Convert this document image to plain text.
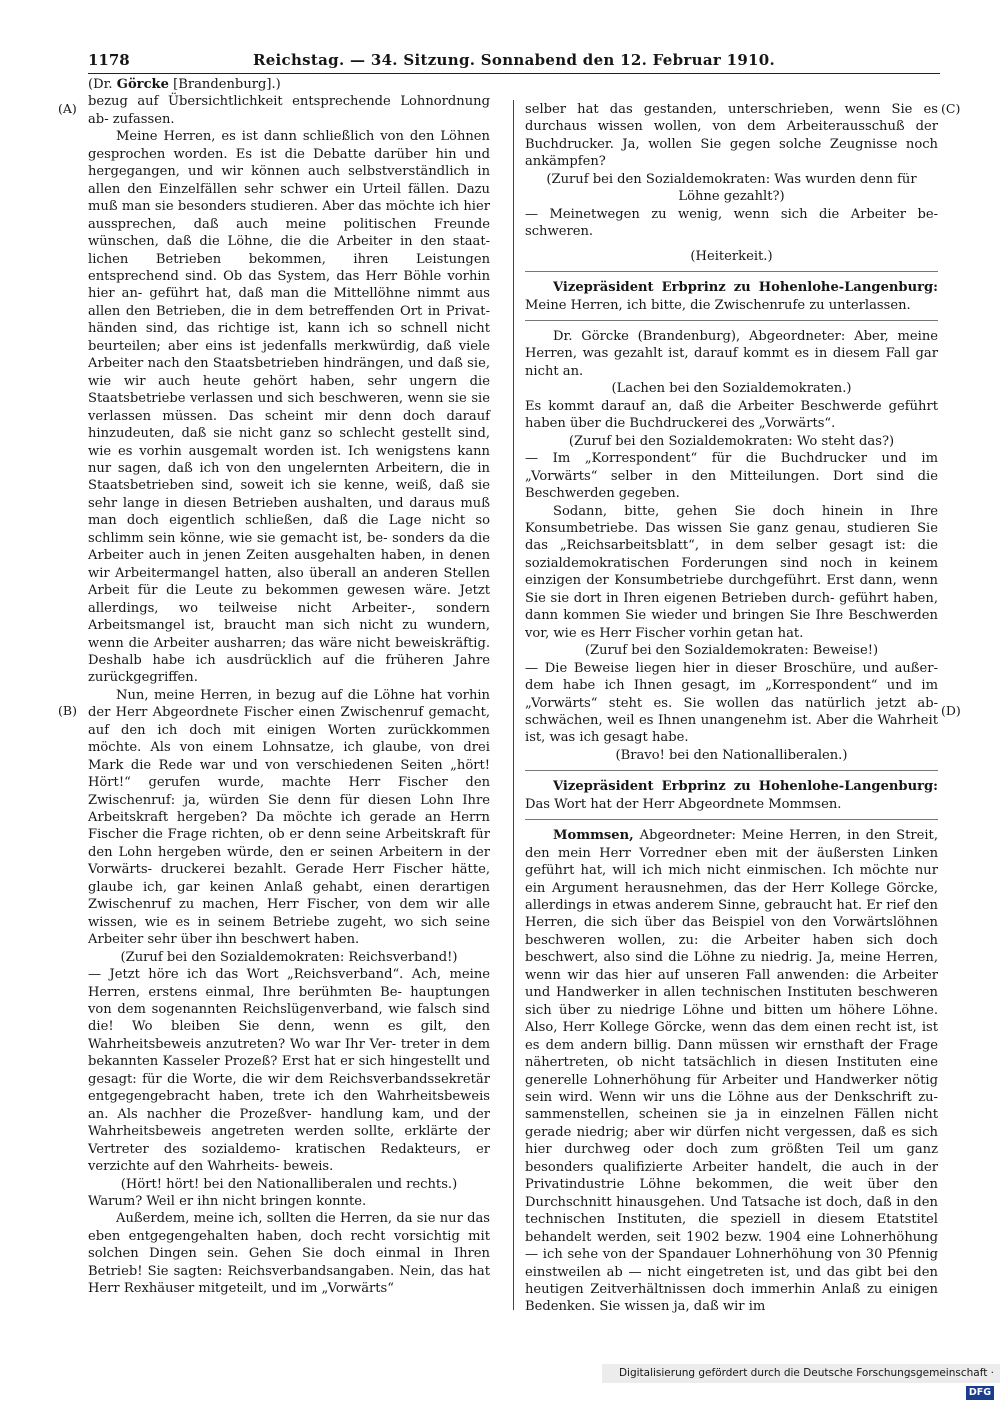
1178	Reichstag. — 34. Sitzung. Sonnabend den 12. Februar 1910.
(A)
(B)
(C)
(D)

(Dr. Görcke [Brandenburg].)

bezug auf Übersichtlichkeit entsprechende Lohnordnung ab- zufassen.

Meine Herren, es ist dann schließlich von den Löhnen gesprochen worden. Es ist die Debatte darüber hin und hergegangen, und wir können auch selbstverständlich in allen den Einzelfällen sehr schwer ein Urteil fällen. Dazu muß man sie besonders studieren. Aber das möchte ich hier aussprechen, daß auch meine politischen Freunde wünschen, daß die Löhne, die die Arbeiter in den staat- lichen Betrieben bekommen, ihren Leistungen entsprechend sind. Ob das System, das Herr Böhle vorhin hier an- geführt hat, daß man die Mittellöhne nimmt aus allen den Betrieben, die in dem betreffenden Ort in Privat- händen sind, das richtige ist, kann ich so schnell nicht beurteilen; aber eins ist jedenfalls merkwürdig, daß viele Arbeiter nach den Staatsbetrieben hindrängen, und daß sie, wie wir auch heute gehört haben, sehr ungern die Staatsbetriebe verlassen und sich beschweren, wenn sie sie verlassen müssen. Das scheint mir denn doch darauf hinzudeuten, daß sie nicht ganz so schlecht gestellt sind, wie es vorhin ausgemalt worden ist. Ich wenigstens kann nur sagen, daß ich von den ungelernten Arbeitern, die in Staatsbetrieben sind, soweit ich sie kenne, weiß, daß sie sehr lange in diesen Betrieben aushalten, und daraus muß man doch eigentlich schließen, daß die Lage nicht so schlimm sein könne, wie sie gemacht ist, be- sonders da die Arbeiter auch in jenen Zeiten ausgehalten haben, in denen wir Arbeitermangel hatten, also überall an anderen Stellen Arbeit für die Leute zu bekommen gewesen wäre. Jetzt allerdings, wo teilweise nicht Arbeiter-, sondern Arbeitsmangel ist, braucht man sich nicht zu wundern, wenn die Arbeiter ausharren; das wäre nicht beweiskräftig. Deshalb habe ich ausdrücklich auf die früheren Jahre zurückgegriffen.

Nun, meine Herren, in bezug auf die Löhne hat vorhin der Herr Abgeordnete Fischer einen Zwischenruf gemacht, auf den ich doch mit einigen Worten zurückkommen möchte. Als von einem Lohnsatze, ich glaube, von drei Mark die Rede war und von verschiedenen Seiten „hört! Hört!“ gerufen wurde, machte Herr Fischer den Zwischenruf: ja, würden Sie denn für diesen Lohn Ihre Arbeitskraft hergeben? Da möchte ich gerade an Herrn Fischer die Frage richten, ob er denn seine Arbeitskraft für den Lohn hergeben würde, den er seinen Arbeitern in der Vorwärts- druckerei bezahlt. Gerade Herr Fischer hätte, glaube ich, gar keinen Anlaß gehabt, einen derartigen Zwischenruf zu machen, Herr Fischer, von dem wir alle wissen, wie es in seinem Betriebe zugeht, wo sich seine Arbeiter sehr über ihn beschwert haben.

(Zuruf bei den Sozialdemokraten: Reichsverband!)

— Jetzt höre ich das Wort „Reichsverband“. Ach, meine Herren, erstens einmal, Ihre berühmten Be- hauptungen von dem sogenannten Reichslügenverband, wie falsch sind die! Wo bleiben Sie denn, wenn es gilt, den Wahrheitsbeweis anzutreten? Wo war Ihr Ver- treter in dem bekannten Kasseler Prozeß? Erst hat er sich hingestellt und gesagt: für die Worte, die wir dem Reichsverbandssekretär entgegengebracht haben, trete ich den Wahrheitsbeweis an. Als nachher die Prozeßver- handlung kam, und der Wahrheitsbeweis angetreten werden sollte, erklärte der Vertreter des sozialdemo- kratischen Redakteurs, er verzichte auf den Wahrheits- beweis.

(Hört! hört! bei den Nationalliberalen und rechts.)

Warum? Weil er ihn nicht bringen konnte.

Außerdem, meine ich, sollten die Herren, da sie nur das eben entgegengehalten haben, doch recht vorsichtig mit solchen Dingen sein. Gehen Sie doch einmal in Ihren Betrieb! Sie sagten: Reichsverbandsangaben. Nein, das hat Herr Rexhäuser mitgeteilt, und im „Vorwärts“

selber hat das gestanden, unterschrieben, wenn Sie es durchaus wissen wollen, von dem Arbeiterausschuß der Buchdrucker. Ja, wollen Sie gegen solche Zeugnisse noch ankämpfen?

(Zuruf bei den Sozialdemokraten: Was wurden denn für Löhne gezahlt?)

— Meinetwegen zu wenig, wenn sich die Arbeiter be- schweren.

(Heiterkeit.)

Vizepräsident Erbprinz zu Hohenlohe-Langenburg: Meine Herren, ich bitte, die Zwischenrufe zu unterlassen.

Dr. Görcke (Brandenburg), Abgeordneter: Aber, meine Herren, was gezahlt ist, darauf kommt es in diesem Fall gar nicht an.

(Lachen bei den Sozialdemokraten.)

Es kommt darauf an, daß die Arbeiter Beschwerde geführt haben über die Buchdruckerei des „Vorwärts“.

(Zuruf bei den Sozialdemokraten: Wo steht das?)

— Im „Korrespondent“ für die Buchdrucker und im „Vorwärts“ selber in den Mitteilungen. Dort sind die Beschwerden gegeben.

Sodann, bitte, gehen Sie doch hinein in Ihre Konsumbetriebe. Das wissen Sie ganz genau, studieren Sie das „Reichsarbeitsblatt“, in dem selber gesagt ist: die sozialdemokratischen Forderungen sind noch in keinem einzigen der Konsumbetriebe durchgeführt. Erst dann, wenn Sie sie dort in Ihren eigenen Betrieben durch- geführt haben, dann kommen Sie wieder und bringen Sie Ihre Beschwerden vor, wie es Herr Fischer vorhin getan hat.

(Zuruf bei den Sozialdemokraten: Beweise!)

— Die Beweise liegen hier in dieser Broschüre, und außer- dem habe ich Ihnen gesagt, im „Korrespondent“ und im „Vorwärts“ steht es. Sie wollen das natürlich jetzt ab- schwächen, weil es Ihnen unangenehm ist. Aber die Wahrheit ist, was ich gesagt habe.

(Bravo! bei den Nationalliberalen.)

Vizepräsident Erbprinz zu Hohenlohe-Langenburg: Das Wort hat der Herr Abgeordnete Mommsen.

Mommsen, Abgeordneter: Meine Herren, in den Streit, den mein Herr Vorredner eben mit der äußersten Linken geführt hat, will ich mich nicht einmischen. Ich möchte nur ein Argument herausnehmen, das der Herr Kollege Görcke, allerdings in etwas anderem Sinne, gebraucht hat. Er rief den Herren, die sich über das Beispiel von den Vorwärtslöhnen beschweren wollen, zu: die Arbeiter haben sich doch beschwert, also sind die Löhne zu niedrig. Ja, meine Herren, wenn wir das hier auf unseren Fall anwenden: die Arbeiter und Handwerker in allen technischen Instituten beschweren sich über zu niedrige Löhne und bitten um höhere Löhne. Also, Herr Kollege Görcke, wenn das dem einen recht ist, ist es dem andern billig. Dann müssen wir ernsthaft der Frage nähertreten, ob nicht tatsächlich in diesen Instituten eine generelle Lohnerhöhung für Arbeiter und Handwerker nötig sein wird. Wenn wir uns die Löhne aus der Denkschrift zu- sammenstellen, scheinen sie ja in einzelnen Fällen nicht gerade niedrig; aber wir dürfen nicht vergessen, daß es sich hier durchweg oder doch zum größten Teil um ganz besonders qualifizierte Arbeiter handelt, die auch in der Privatindustrie Löhne bekommen, die weit über den Durchschnitt hinausgehen. Und Tatsache ist doch, daß in den technischen Instituten, die speziell in diesem Etatstitel behandelt werden, seit 1902 bezw. 1904 eine Lohnerhöhung — ich sehe von der Spandauer Lohnerhöhung von 30 Pfennig einstweilen ab — nicht eingetreten ist, und das gibt bei den heutigen Zeitverhältnissen doch immerhin Anlaß zu einigen Bedenken. Sie wissen ja, daß wir im

Digitalisierung gefördert durch die Deutsche Forschungsgemeinschaft ·DFG
